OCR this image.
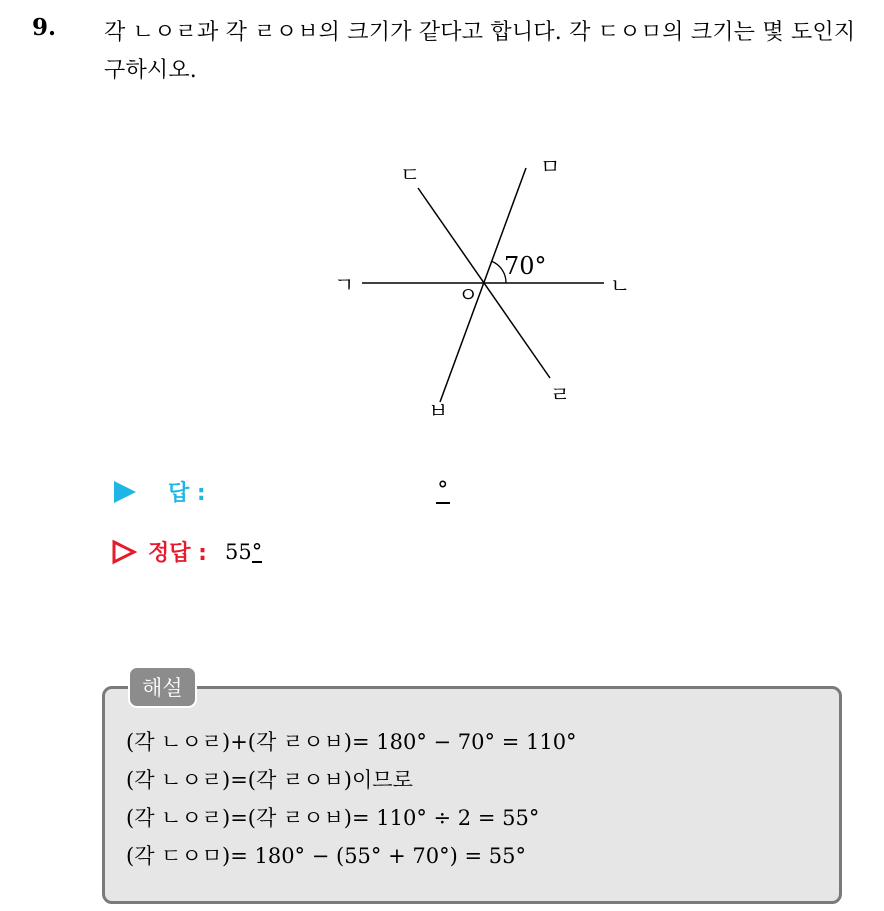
9. 각 ㄴㅇㄹ과 각 ㄹㅇㅂ의 크기가 같다고 합니다. 각 ㄷㅇㅁ의 크기는 몇 도인지 구하시오.
ㄱ	ㄴ
ㄷ	ㅁ
ㄹ
ㅂ
ㅇ
70°
답 :	°
정답 : 55°
해설
(각 ㄴㅇㄹ)+(각 ㄹㅇㅂ)= 180° − 70° = 110°
(각 ㄴㅇㄹ)=(각 ㄹㅇㅂ)이므로
(각 ㄴㅇㄹ)=(각 ㄹㅇㅂ)= 110° ÷ 2 = 55°
(각 ㄷㅇㅁ)= 180° − (55° + 70°) = 55°
